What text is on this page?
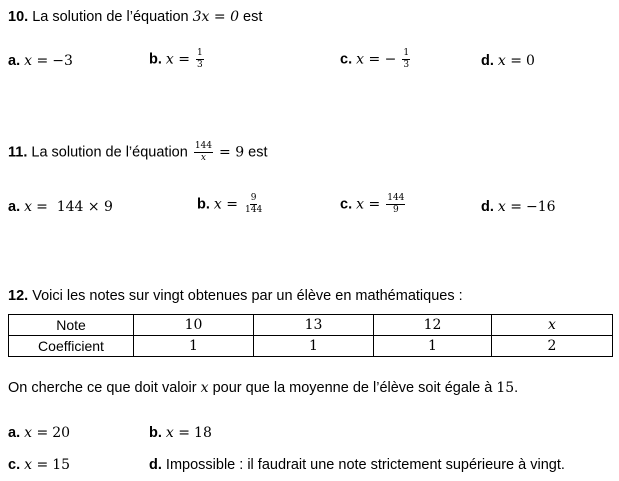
10. La solution de l’équation 3x = 0 est
a. x = −3	b. $x = \frac{1}{3}$	c. x = − $\frac{1}{3}$	d. x = 0
11. La solution de l’équation $\frac{144}{x} = 9$ est
a. x =  144 × 9	b. $x = \frac{9}{144}$	c. $x = \frac{144}{9}$	d. x = −16
12. Voici les notes sur vingt obtenues par un élève en mathématiques :
Note	10	13	12	x
Coefficient	1	1	1	2
On cherche ce que doit valoir x pour que la moyenne de l’élève soit égale à 15.
a. x = 20	b. x = 18
c. x = 15	d. Impossible : il faudrait une note strictement supérieure à vingt.
